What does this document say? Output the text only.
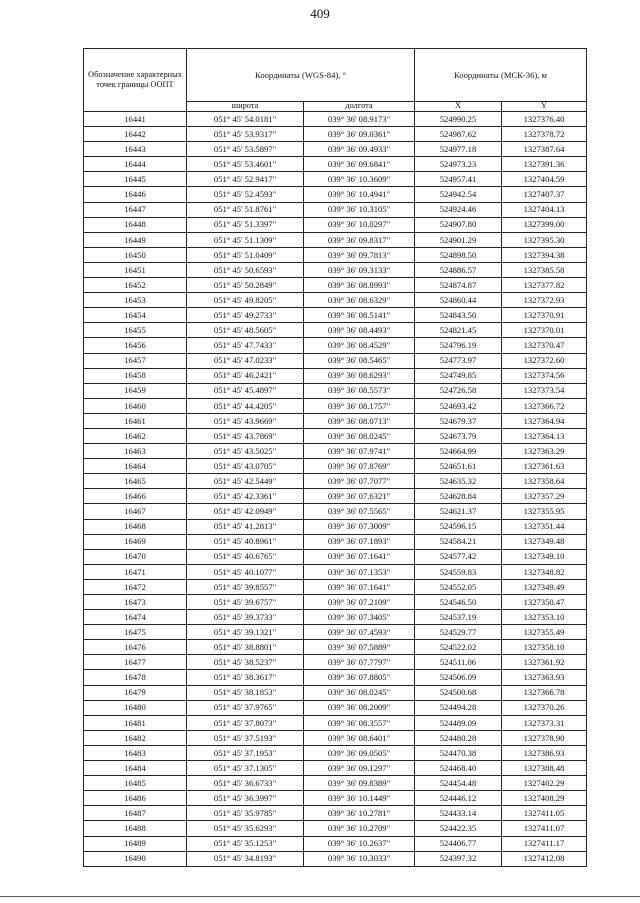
409
Обозначение характерных точек границы ООПТ	Координаты (WGS-84), °		Координаты (МСК-36), м	
	широта	долгота	X	Y
16441	051° 45' 54.0181"	039° 36' 08.9173"	524990.25	1327376.40
16442	051° 45' 53.9317"	039° 36' 09.0361"	524987.62	1327378.72
16443	051° 45' 53.5897"	039° 36' 09.4933"	524977.18	1327387.64
16444	051° 45' 53.4601"	039° 36' 09.6841"	524973.23	1327391.36
16445	051° 45' 52.9417"	039° 36' 10.3609"	524957.41	1327404.59
16446	051° 45' 52.4593"	039° 36' 10.4941"	524942.54	1327407.37
16447	051° 45' 51.8761"	039° 36' 10.3105"	524924.46	1327404.13
16448	051° 45' 51.3397"	039° 36' 10.0297"	524907.80	1327399.00
16449	051° 45' 51.1309"	039° 36' 09.8317"	524901.29	1327395.30
16450	051° 45' 51.0409"	039° 36' 09.7813"	524898.50	1327394.38
16451	051° 45' 50.6593"	039° 36' 09.3133"	524886.57	1327385.58
16452	051° 45' 50.2849"	039° 36' 08.8993"	524874.87	1327377.82
16453	051° 45' 49.8205"	039° 36' 08.6329"	524860.44	1327372.93
16454	051° 45' 49.2733"	039° 36' 08.5141"	524843.50	1327370.91
16455	051° 45' 48.5605"	039° 36' 08.4493"	524821.45	1327370.01
16456	051° 45' 47.7433"	039° 36' 08.4529"	524796.19	1327370.47
16457	051° 45' 47.0233"	039° 36' 08.5465"	524773.97	1327372.60
16458	051° 45' 46.2421"	039° 36' 08.6293"	524749.85	1327374.56
16459	051° 45' 45.4897"	039° 36' 08.5573"	524726.58	1327373.54
16460	051° 45' 44.4205"	039° 36' 08.1757"	524693.42	1327366.72
16461	051° 45' 43.9669"	039° 36' 08.0713"	524679.37	1327364.94
16462	051° 45' 43.7869"	039° 36' 08.0245"	524673.79	1327364.13
16463	051° 45' 43.5025"	039° 36' 07.9741"	524664.99	1327363.29
16464	051° 45' 43.0705"	039° 36' 07.8769"	524651.61	1327361.63
16465	051° 45' 42.5449"	039° 36' 07.7077"	524635.32	1327358.64
16466	051° 45' 42.3361"	039° 36' 07.6321"	524628.84	1327357.29
16467	051° 45' 42.0949"	039° 36' 07.5565"	524621.37	1327355.95
16468	051° 45' 41.2813"	039° 36' 07.3009"	524596.15	1327351.44
16469	051° 45' 40.8961"	039° 36' 07.1893"	524584.21	1327349.48
16470	051° 45' 40.6765"	039° 36' 07.1641"	524577.42	1327349.10
16471	051° 45' 40.1077"	039° 36' 07.1353"	524559.83	1327348.82
16472	051° 45' 39.8557"	039° 36' 07.1641"	524552.05	1327349.49
16473	051° 45' 39.6757"	039° 36' 07.2109"	524546.50	1327350.47
16474	051° 45' 39.3733"	039° 36' 07.3405"	524537.19	1327353.10
16475	051° 45' 39.1321"	039° 36' 07.4593"	524529.77	1327355.49
16476	051° 45' 38.8801"	039° 36' 07.5889"	524522.02	1327358.10
16477	051° 45' 38.5237"	039° 36' 07.7797"	524511.06	1327361.92
16478	051° 45' 38.3617"	039° 36' 07.8805"	524506.09	1327363.93
16479	051° 45' 38.1853"	039° 36' 08.0245"	524500.68	1327366.78
16480	051° 45' 37.9765"	039° 36' 08.2009"	524494.28	1327370.26
16481	051° 45' 37.8073"	039° 36' 08.3557"	524489.09	1327373.31
16482	051° 45' 37.5193"	039° 36' 08.6401"	524480.28	1327378.90
16483	051° 45' 37.1953"	039° 36' 09.0505"	524470.38	1327386.93
16484	051° 45' 37.1305"	039° 36' 09.1297"	524468.40	1327388.48
16485	051° 45' 36.6733"	039° 36' 09.8389"	524454.48	1327402.29
16486	051° 45' 36.3997"	039° 36' 10.1449"	524446.12	1327408.29
16487	051° 45' 35.9785"	039° 36' 10.2781"	524433.14	1327411.05
16488	051° 45' 35.6293"	039° 36' 10.2709"	524422.35	1327411.07
16489	051° 45' 35.1253"	039° 36' 10.2637"	524406.77	1327411.17
16490	051° 45' 34.8193"	039° 36' 10.3033"	524397.32	1327412.08
